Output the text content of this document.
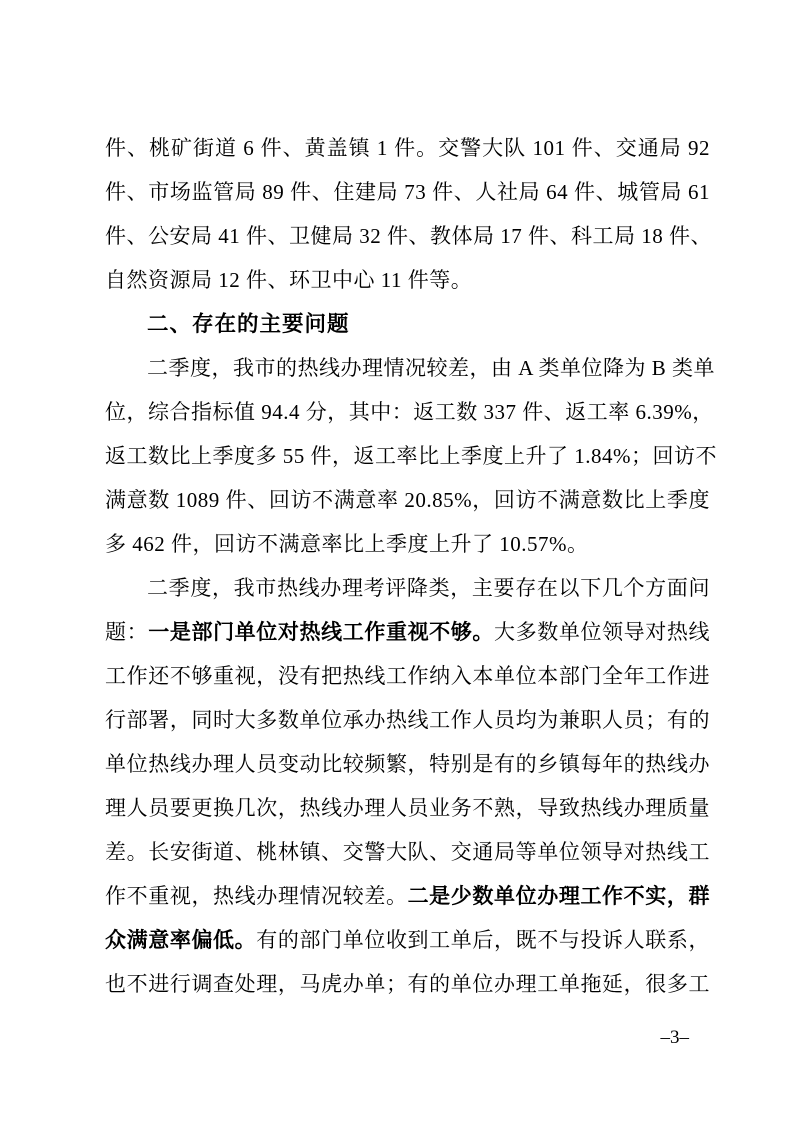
件、桃矿街道 6 件、黄盖镇 1 件。交警大队 101 件、交通局 92
件、市场监管局 89 件、住建局 73 件、人社局 64 件、城管局 61
件、公安局 41 件、卫健局 32 件、教体局 17 件、科工局 18 件、
自然资源局 12 件、环卫中心 11 件等。
二、存在的主要问题
二季度，我市的热线办理情况较差，由 A 类单位降为 B 类单
位，综合指标值 94.4 分，其中：返工数 337 件、返工率 6.39%，
返工数比上季度多 55 件，返工率比上季度上升了 1.84%；回访不
满意数 1089 件、回访不满意率 20.85%，回访不满意数比上季度
多 462 件，回访不满意率比上季度上升了 10.57%。
二季度，我市热线办理考评降类，主要存在以下几个方面问
题：一是部门单位对热线工作重视不够。大多数单位领导对热线
工作还不够重视，没有把热线工作纳入本单位本部门全年工作进
行部署，同时大多数单位承办热线工作人员均为兼职人员；有的
单位热线办理人员变动比较频繁，特别是有的乡镇每年的热线办
理人员要更换几次，热线办理人员业务不熟，导致热线办理质量
差。长安街道、桃林镇、交警大队、交通局等单位领导对热线工
作不重视，热线办理情况较差。二是少数单位办理工作不实，群
众满意率偏低。有的部门单位收到工单后，既不与投诉人联系，
也不进行调查处理，马虎办单；有的单位办理工单拖延，很多工
–3–
